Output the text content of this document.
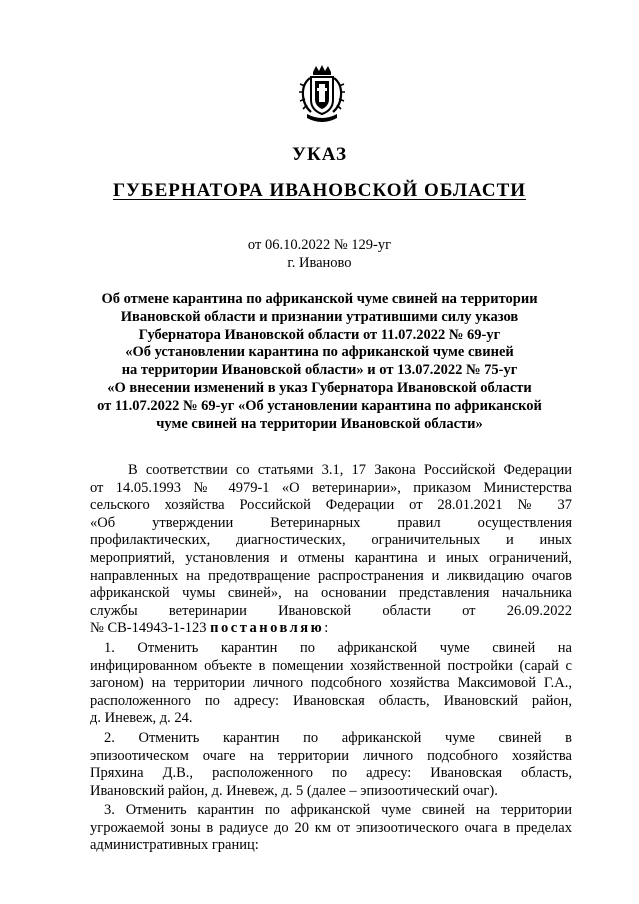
УКАЗ
ГУБЕРНАТОРА ИВАНОВСКОЙ ОБЛАСТИ
от 06.10.2022 № 129-уг
г. Иваново
Об отмене карантина по африканской чуме свиней на территории
Ивановской области и признании утратившими силу указов
Губернатора Ивановской области от 11.07.2022 № 69-уг
«Об установлении карантина по африканской чуме свиней
на территории Ивановской области» и от 13.07.2022 № 75-уг
«О внесении изменений в указ Губернатора Ивановской области
от 11.07.2022 № 69-уг «Об установлении карантина по африканской
чуме свиней на территории Ивановской области»
В соответствии со статьями 3.1, 17 Закона Российской Федерации
от 14.05.1993 № 4979-1 «О ветеринарии», приказом Министерства
сельского хозяйства Российской Федерации от 28.01.2021 № 37
«Об утверждении Ветеринарных правил осуществления
профилактических, диагностических, ограничительных и иных
мероприятий, установления и отмены карантина и иных ограничений,
направленных на предотвращение распространения и ликвидацию очагов
африканской чумы свиней», на основании представления начальника
службы ветеринарии Ивановской области от 26.09.2022
№ СВ-14943-1-123 постановляю:
1. Отменить карантин по африканской чуме свиней на
инфицированном объекте в помещении хозяйственной постройки (сарай с
загоном) на территории личного подсобного хозяйства Максимовой Г.А.,
расположенного по адресу: Ивановская область, Ивановский район,
д. Иневеж, д. 24.
2. Отменить карантин по африканской чуме свиней в
эпизоотическом очаге на территории личного подсобного хозяйства
Пряхина Д.В., расположенного по адресу: Ивановская область,
Ивановский район, д. Иневеж, д. 5 (далее – эпизоотический очаг).
3. Отменить карантин по африканской чуме свиней на территории
угрожаемой зоны в радиусе до 20 км от эпизоотического очага в пределах
административных границ:
